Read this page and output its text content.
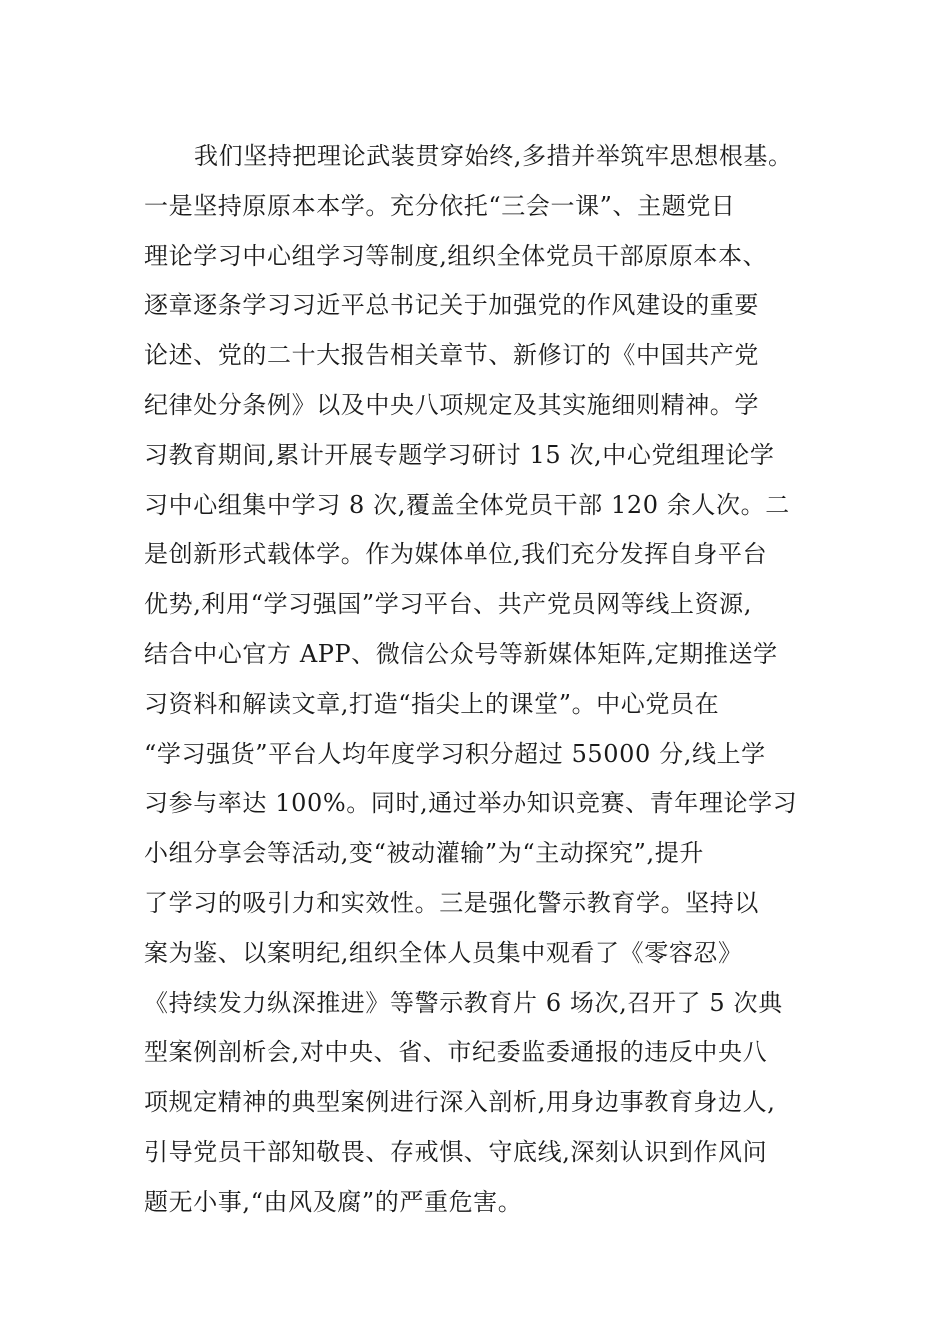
我们坚持把理论武装贯穿始终,多措并举筑牢思想根基。
一是坚持原原本本学。充分依托“三会一课”、主题党日
理论学习中心组学习等制度,组织全体党员干部原原本本、
逐章逐条学习习近平总书记关于加强党的作风建设的重要
论述、党的二十大报告相关章节、新修订的《中国共产党
纪律处分条例》以及中央八项规定及其实施细则精神。学
习教育期间,累计开展专题学习研讨 15 次,中心党组理论学
习中心组集中学习 8 次,覆盖全体党员干部 120 余人次。二
是创新形式载体学。作为媒体单位,我们充分发挥自身平台
优势,利用“学习强国”学习平台、共产党员网等线上资源,
结合中心官方 APP、微信公众号等新媒体矩阵,定期推送学
习资料和解读文章,打造“指尖上的课堂”。中心党员在
“学习强货”平台人均年度学习积分超过 55000 分,线上学
习参与率达 100%。同时,通过举办知识竞赛、青年理论学习
小组分享会等活动,变“被动灌输”为“主动探究”,提升
了学习的吸引力和实效性。三是强化警示教育学。坚持以
案为鉴、以案明纪,组织全体人员集中观看了《零容忍》
《持续发力纵深推进》等警示教育片 6 场次,召开了 5 次典
型案例剖析会,对中央、省、市纪委监委通报的违反中央八
项规定精神的典型案例进行深入剖析,用身边事教育身边人,
引导党员干部知敬畏、存戒惧、守底线,深刻认识到作风问
题无小事,“由风及腐”的严重危害。
